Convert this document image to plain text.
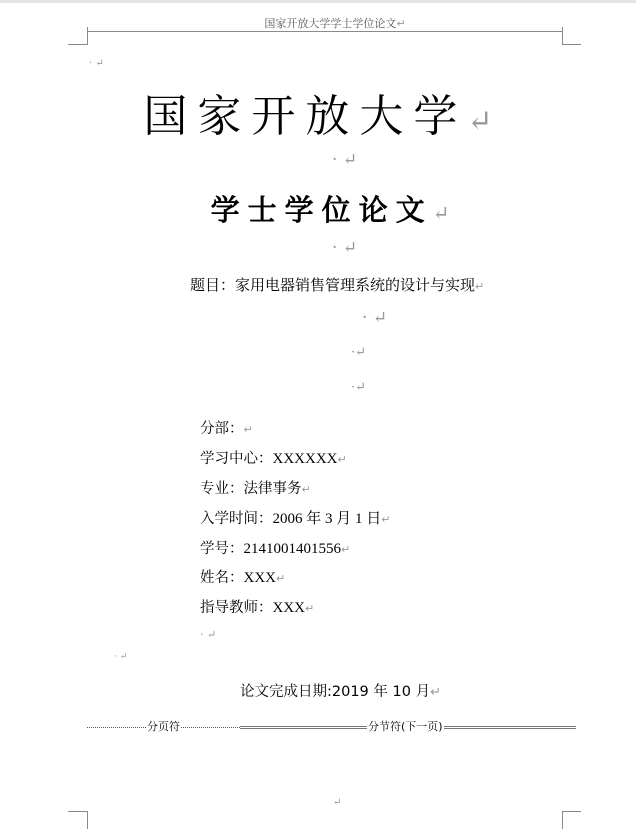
国家开放大学学士学位论文↵
· ↵
国家开放大学↵
· ↵
学士学位论文↵
· ↵
题目：家用电器销售管理系统的设计与实现↵
· ↵
·↵
·↵
分部：↵
学习中心：XXXXXX↵
专业：法律事务↵
入学时间：2006 年 3 月 1 日↵
学号：2141001401556↵
姓名：XXX↵
指导教师：XXX↵
· ↵
· ↵
论文完成日期:2019 年 10 月↵
分页符	分节符(下一页)
↵
